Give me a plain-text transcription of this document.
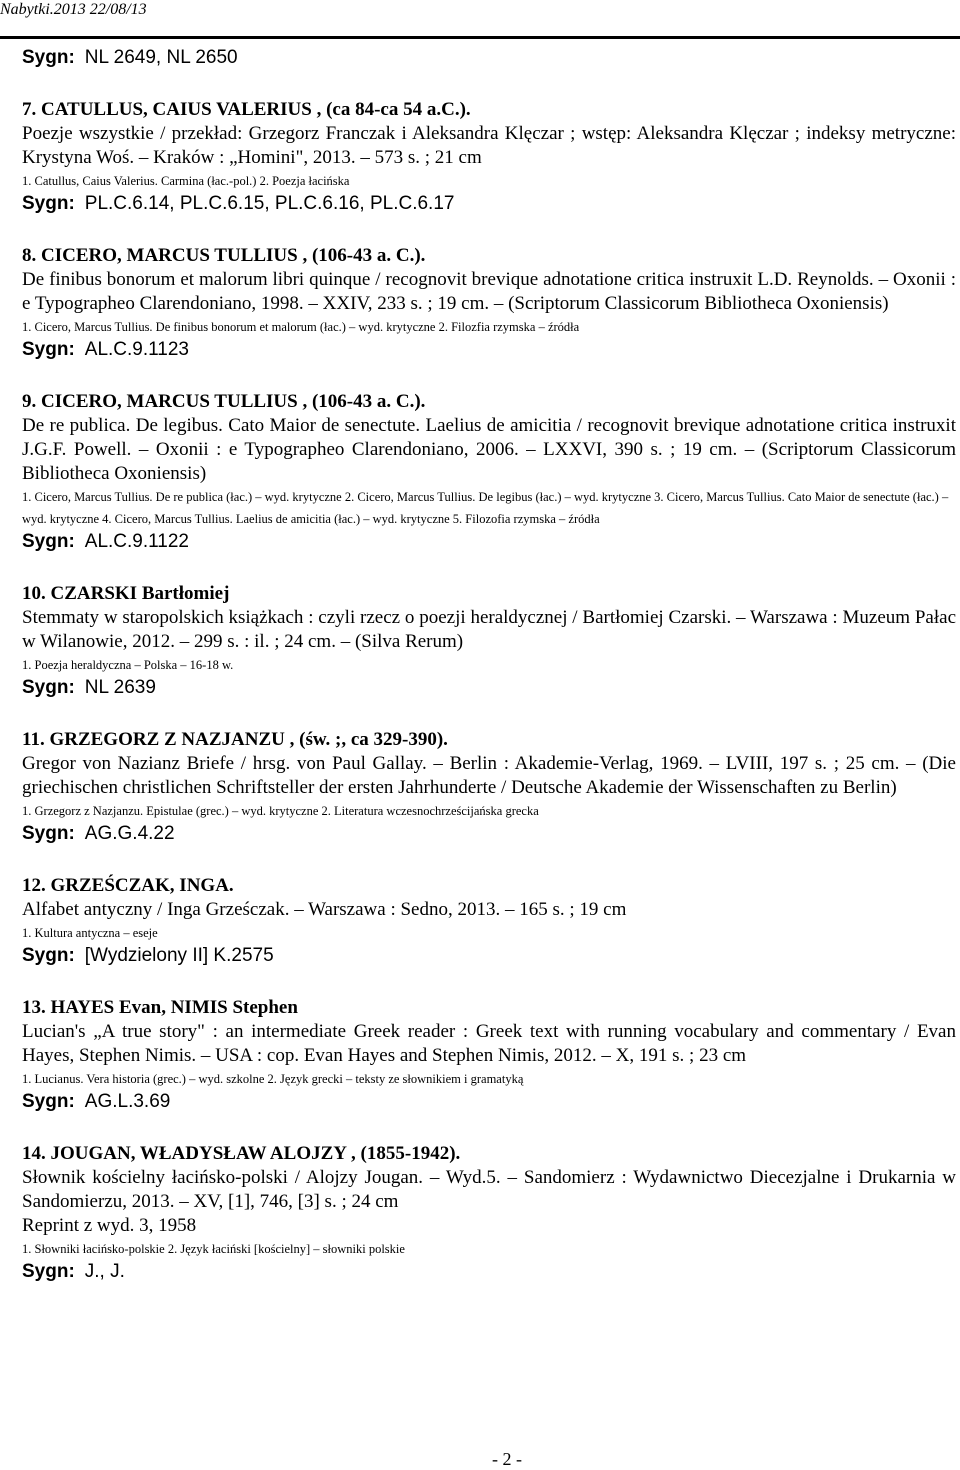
Nabytki.2013 22/08/13
Sygn: NL 2649, NL 2650
7. CATULLUS, CAIUS VALERIUS , (ca 84-ca 54 a.C.).
Poezje wszystkie / przekład: Grzegorz Franczak i Aleksandra Klęczar ; wstęp: Aleksandra Klęczar ; indeksy metryczne: Krystyna Woś. – Kraków : „Homini", 2013. – 573 s. ; 21 cm
1. Catullus, Caius Valerius. Carmina (łac.-pol.) 2. Poezja łacińska
Sygn: PL.C.6.14, PL.C.6.15, PL.C.6.16, PL.C.6.17
8. CICERO, MARCUS TULLIUS , (106-43 a. C.).
De finibus bonorum et malorum libri quinque / recognovit brevique adnotatione critica instruxit L.D. Reynolds. – Oxonii : e Typographeo Clarendoniano, 1998. – XXIV, 233 s. ; 19 cm. – (Scriptorum Classicorum Bibliotheca Oxoniensis)
1. Cicero, Marcus Tullius. De finibus bonorum et malorum (łac.) – wyd. krytyczne 2. Filozfia rzymska – źródła
Sygn: AL.C.9.1123
9. CICERO, MARCUS TULLIUS , (106-43 a. C.).
De re publica. De legibus. Cato Maior de senectute. Laelius de amicitia / recognovit brevique adnotatione critica instruxit J.G.F. Powell. – Oxonii : e Typographeo Clarendoniano, 2006. – LXXVI, 390 s. ; 19 cm. – (Scriptorum Classicorum Bibliotheca Oxoniensis)
1. Cicero, Marcus Tullius. De re publica (łac.) – wyd. krytyczne 2. Cicero, Marcus Tullius. De legibus (łac.) – wyd. krytyczne 3. Cicero, Marcus Tullius. Cato Maior de senectute (łac.) – wyd. krytyczne 4. Cicero, Marcus Tullius. Laelius de amicitia (łac.) – wyd. krytyczne 5. Filozofia rzymska – źródła
Sygn: AL.C.9.1122
10. CZARSKI Bartłomiej
Stemmaty w staropolskich książkach : czyli rzecz o poezji heraldycznej / Bartłomiej Czarski. – Warszawa : Muzeum Pałac w Wilanowie, 2012. – 299 s. : il. ; 24 cm. – (Silva Rerum)
1. Poezja heraldyczna – Polska – 16-18 w.
Sygn: NL 2639
11. GRZEGORZ Z NAZJANZU , (św. ;, ca 329-390).
Gregor von Nazianz Briefe / hrsg. von Paul Gallay. – Berlin : Akademie-Verlag, 1969. – LVIII, 197 s. ; 25 cm. – (Die griechischen christlichen Schriftsteller der ersten Jahrhunderte / Deutsche Akademie der Wissenschaften zu Berlin)
1. Grzegorz z Nazjanzu. Epistulae (grec.) – wyd. krytyczne 2. Literatura wczesnochrześcijańska grecka
Sygn: AG.G.4.22
12. GRZEŚCZAK, INGA.
Alfabet antyczny / Inga Grześczak. – Warszawa : Sedno, 2013. – 165 s. ; 19 cm
1. Kultura antyczna – eseje
Sygn: [Wydzielony II] K.2575
13. HAYES Evan, NIMIS Stephen
Lucian's „A true story" : an intermediate Greek reader : Greek text with running vocabulary and commentary / Evan Hayes, Stephen Nimis. – USA : cop. Evan Hayes and Stephen Nimis, 2012. – X, 191 s. ; 23 cm
1. Lucianus. Vera historia (grec.) – wyd. szkolne 2. Język grecki – teksty ze słownikiem i gramatyką
Sygn: AG.L.3.69
14. JOUGAN, WŁADYSŁAW ALOJZY , (1855-1942).
Słownik kościelny łacińsko-polski / Alojzy Jougan. – Wyd.5. – Sandomierz : Wydawnictwo Diecezjalne i Drukarnia w Sandomierzu, 2013. – XV, [1], 746, [3] s. ; 24 cm
Reprint z wyd. 3, 1958
1. Słowniki łacińsko-polskie 2. Język łaciński [kościelny] – słowniki polskie
Sygn: J., J.
- 2 -
